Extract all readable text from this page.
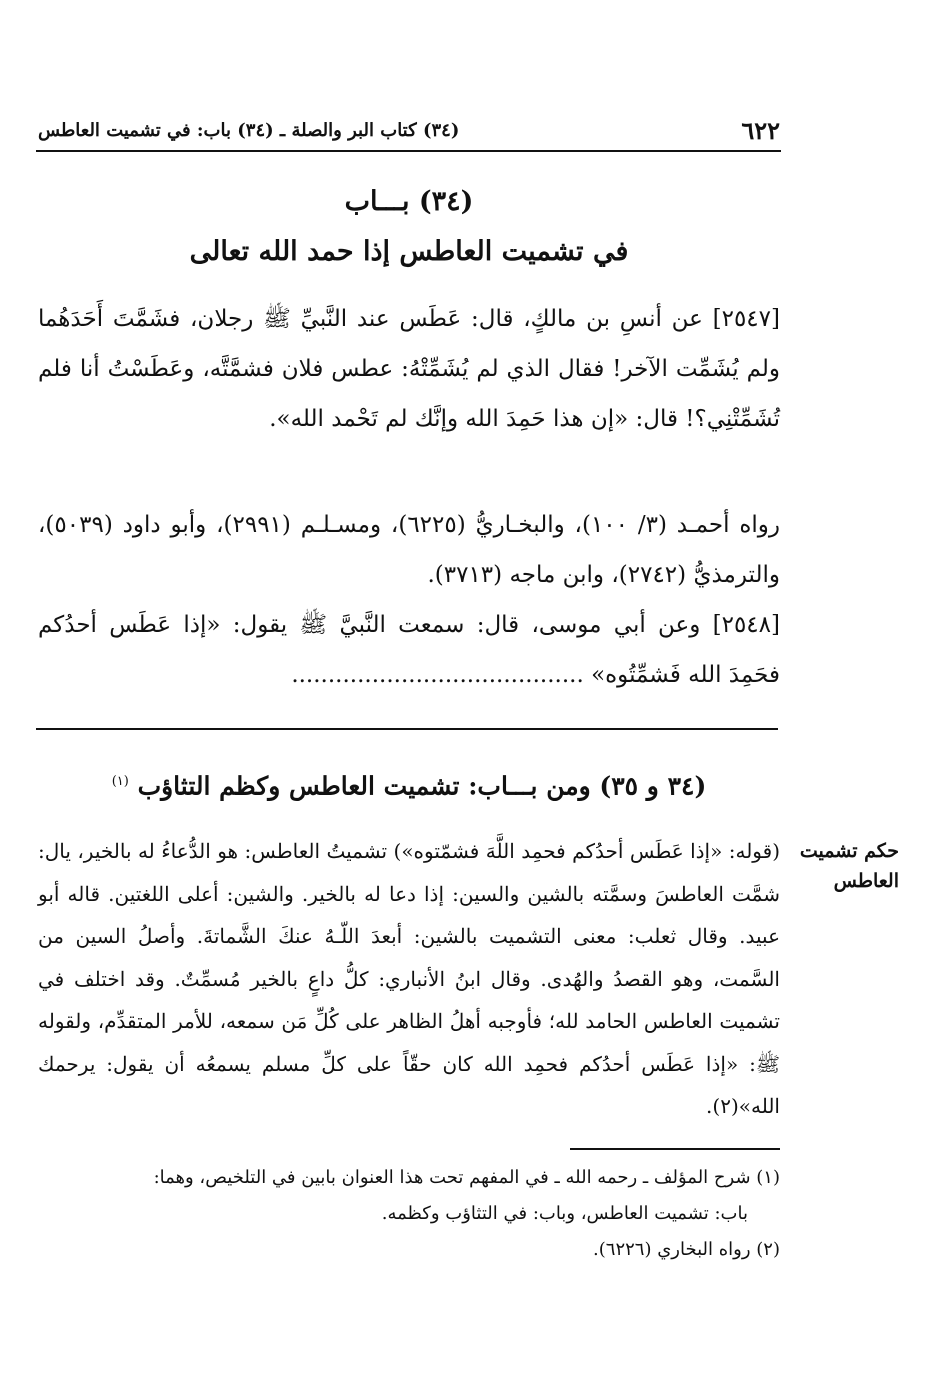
٦٢٢
(٣٤) كتاب البر والصلة ـ (٣٤) باب: في تشميت العاطس
(٣٤) بـــاب
في تشميت العاطس إذا حمد الله تعالى
[٢٥٤٧] عن أنسِ بن مالكٍ، قال: عَطَس عند النَّبيِّ ﷺ رجلان، فشَمَّتَ أَحَدَهُما ولم يُشَمِّت الآخر! فقال الذي لم يُشَمِّتْهُ: عطس فلان فشمَّتَّه، وعَطَسْتُ أنا فلم تُشَمِّتْنِي؟! قال: «إن هذا حَمِدَ الله وإنَّك لم تَحْمد الله».
رواه أحمـد (٣/ ١٠٠)، والبخـاريُّ (٦٢٢٥)، ومسـلـم (٢٩٩١)، وأبو داود (٥٠٣٩)، والترمذيُّ (٢٧٤٢)، وابن ماجه (٣٧١٣).
[٢٥٤٨] وعن أبي موسى، قال: سمعت النَّبيَّ ﷺ يقول: «إذا عَطَس أحدُكم فحَمِدَ الله فَشمِّتُوه» ........................................
(٣٤ و ٣٥) ومن بـــاب: تشميت العاطس وكظم التثاؤب $^{(١)}$
حكم تشميت العاطس
(قوله: «إذا عَطَس أحدُكم فحمِد اللَّهَ فشمّتوه») تشميتُ العاطس: هو الدُّعاءُ له بالخير، يال: شمَّت العاطسَ وسمَّته بالشين والسين: إذا دعا له بالخير. والشين: أعلى اللغتين. قاله أبو عبيد. وقال ثعلب: معنى التشميت بالشين: أبعدَ اللّـهُ عنكَ الشَّماتةَ. وأصلُ السين من السَّمت، وهو القصدُ والهُدى. وقال ابنُ الأنباري: كلُّ داعٍ بالخير مُسمِّتٌ. وقد اختلف في تشميت العاطس الحامد لله؛ فأوجبه أهلُ الظاهر على كُلِّ مَن سمعه، للأمر المتقدِّم، ولقوله ﷺ: «إذا عَطَس أحدُكم فحمِد الله كان حقّاً على كلِّ مسلم يسمعُه أن يقول: يرحمك الله»(٢).
(١) شرح المؤلف ـ رحمه الله ـ في المفهم تحت هذا العنوان بابين في التلخيص، وهما:
باب: تشميت العاطس، وباب: في التثاؤب وكظمه.
(٢) رواه البخاري (٦٢٢٦).
